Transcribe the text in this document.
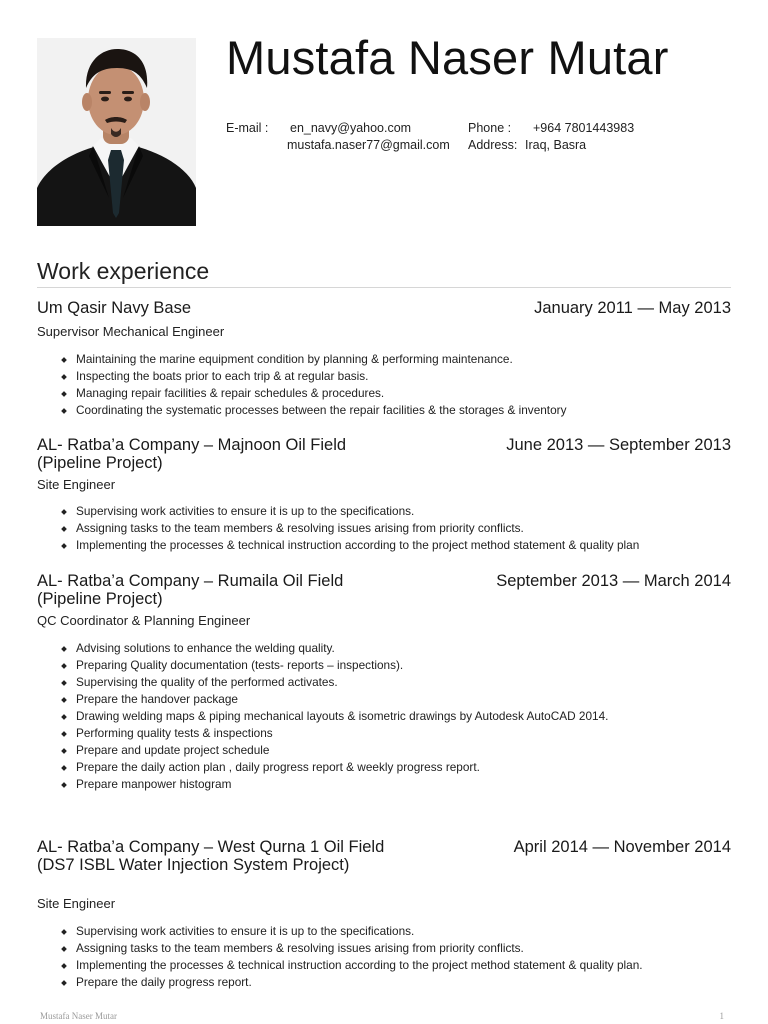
Mustafa Naser Mutar
E-mail : en_navy@yahoo.com
mustafa.naser77@gmail.com
Phone : +964 7801443983
Address: Iraq, Basra
Work experience
Um Qasir Navy Base	January 2011 — May 2013
Supervisor Mechanical Engineer
Maintaining the marine equipment condition by planning & performing maintenance.
Inspecting the boats prior to each trip & at regular basis.
Managing repair facilities & repair schedules & procedures.
Coordinating the systematic processes between the repair facilities & the storages & inventory
AL- Ratba’a Company – Majnoon Oil Field (Pipeline Project)
June 2013 — September 2013
Site Engineer
Supervising work activities to ensure it is up to the specifications.
Assigning tasks to the team members & resolving issues arising from priority conflicts.
Implementing the processes & technical instruction according to the project method statement & quality plan
AL- Ratba’a Company – Rumaila Oil Field (Pipeline Project)
September 2013 — March 2014
QC Coordinator & Planning Engineer
Advising solutions to enhance the welding quality.
Preparing Quality documentation (tests- reports – inspections).
Supervising the quality of the performed activates.
Prepare the handover package
Drawing welding maps & piping mechanical layouts & isometric drawings by Autodesk AutoCAD 2014.
Performing quality tests & inspections
Prepare and update project schedule
Prepare the daily action plan , daily progress report & weekly progress report.
Prepare manpower histogram
AL- Ratba’a Company – West Qurna 1 Oil Field (DS7 ISBL Water Injection System Project)
April 2014 — November 2014
Site Engineer
Supervising work activities to ensure it is up to the specifications.
Assigning tasks to the team members & resolving issues arising from priority conflicts.
Implementing the processes & technical instruction according to the project method statement & quality plan.
Prepare the daily progress report.
Mustafa Naser Mutar	1
